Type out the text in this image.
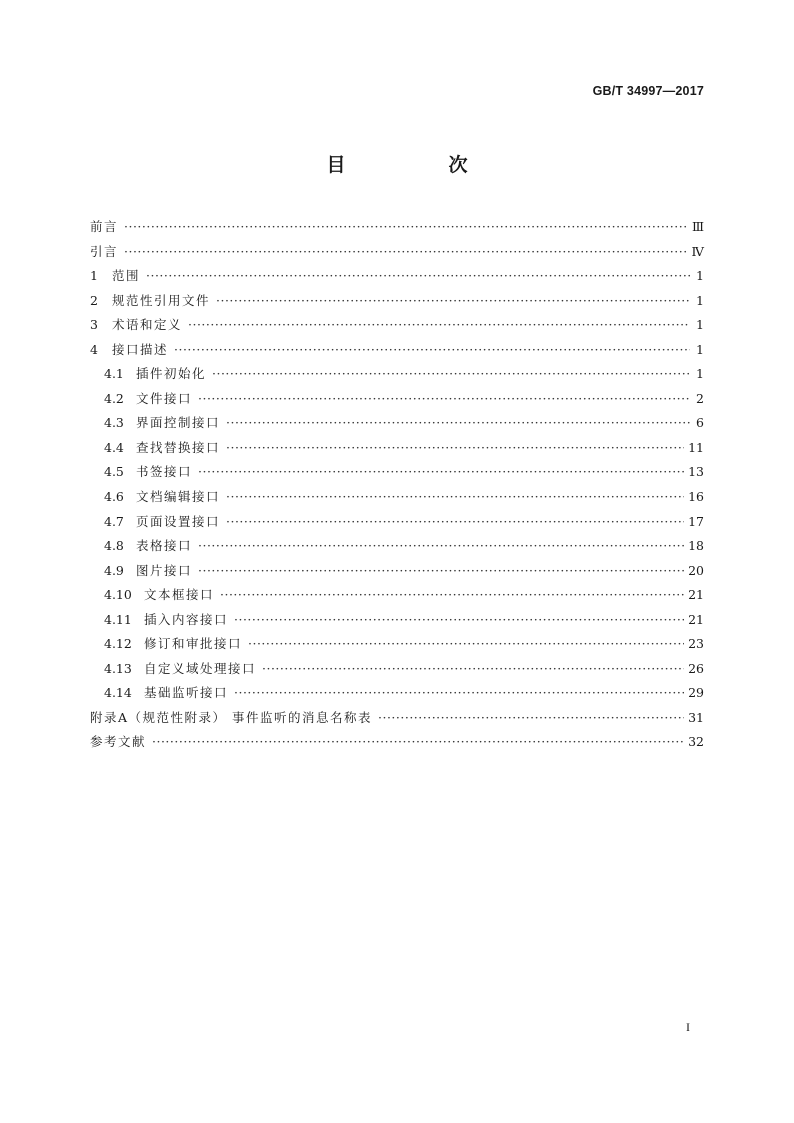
GB/T 34997—2017
目　次
前言 ·····	Ⅲ
引言 ·····	Ⅳ
1	范围 ·····	1
2	规范性引用文件 ·····	1
3	术语和定义 ·····	1
4	接口描述 ·····	1
4.1 插件初始化 ·····	1
4.2 文件接口 ·····	2
4.3 界面控制接口 ·····	6
4.4 查找替换接口 ·····	11
4.5 书签接口 ·····	13
4.6 文档编辑接口 ·····	16
4.7 页面设置接口 ·····	17
4.8 表格接口 ·····	18
4.9 图片接口 ·····	20
4.10 文本框接口 ·····	21
4.11 插入内容接口 ·····	21
4.12 修订和审批接口 ·····	23
4.13 自定义域处理接口 ·····	26
4.14 基础监听接口 ·····	29
附录A（规范性附录） 事件监听的消息名称表 ·····	31
参考文献 ·····	32
I
